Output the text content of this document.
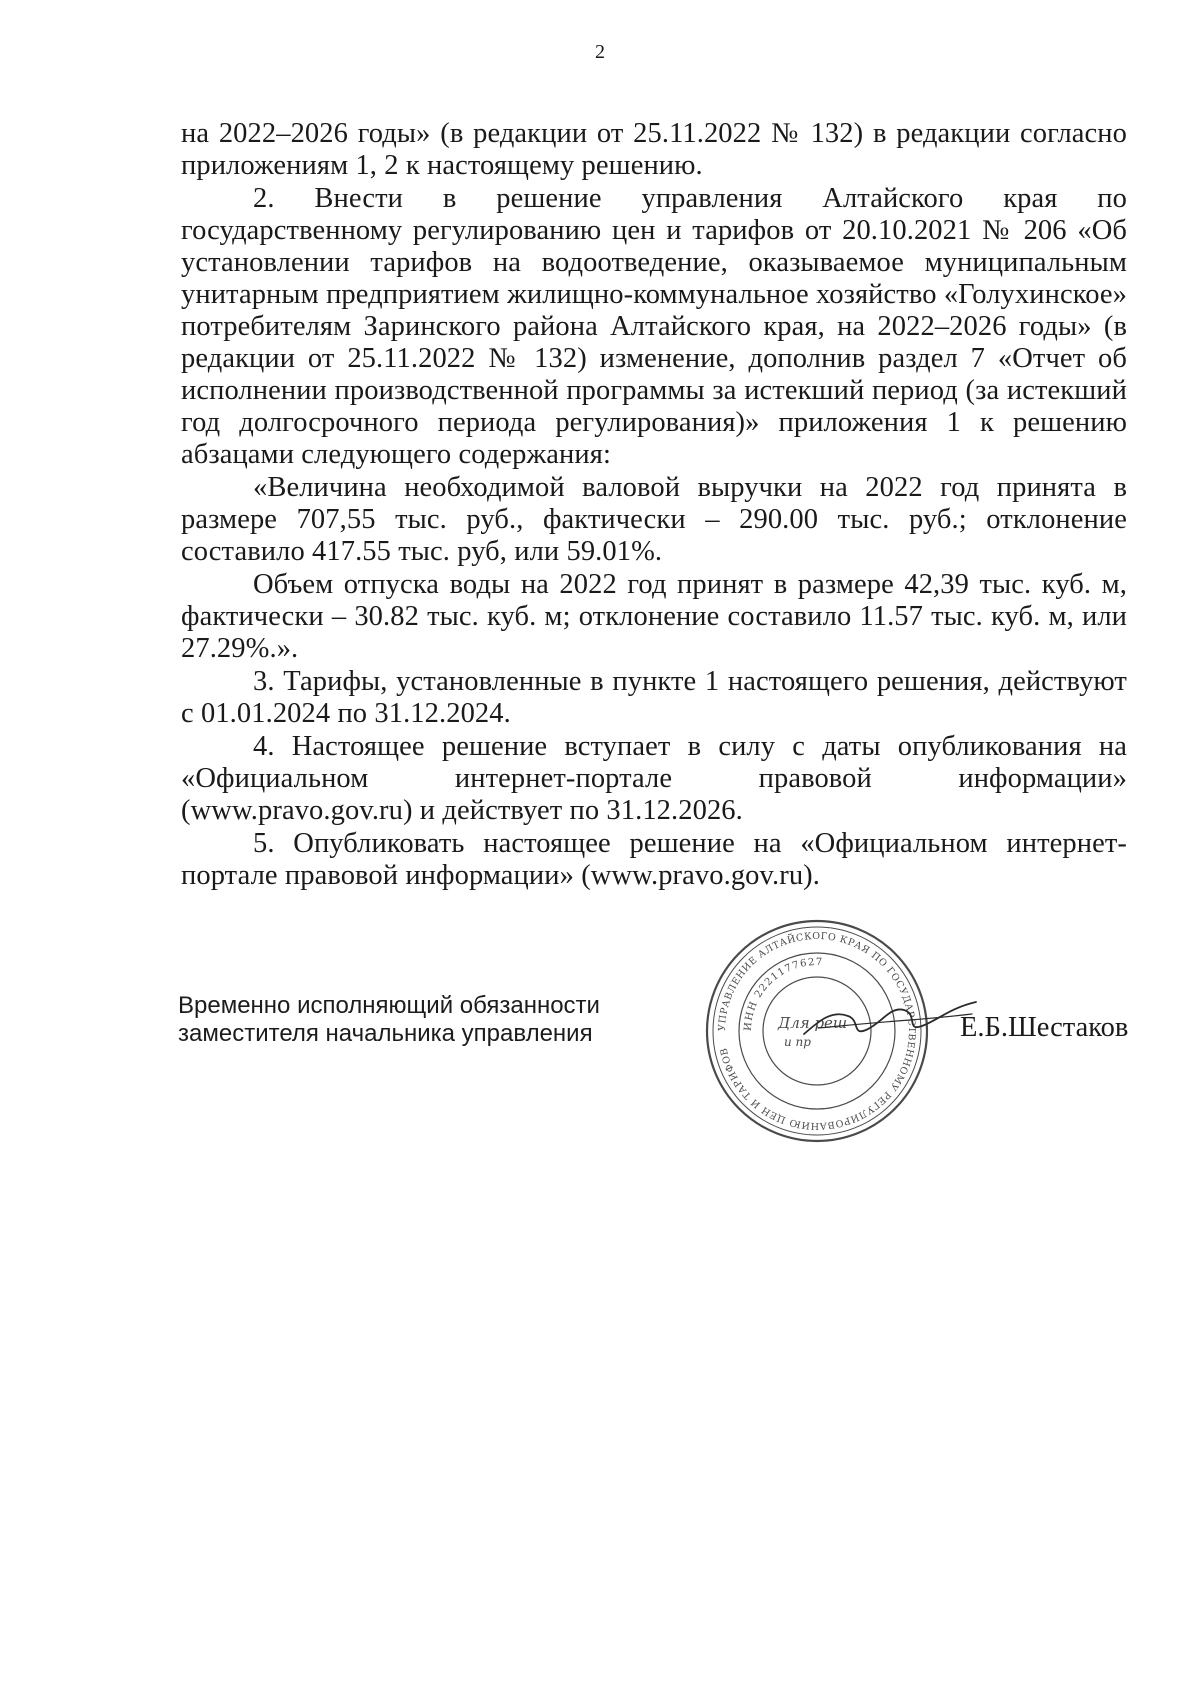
2

на 2022–2026 годы» (в редакции от 25.11.2022 № 132) в редакции согласно приложениям 1, 2 к настоящему решению.

2. Внести в решение управления Алтайского края по государственному регулированию цен и тарифов от 20.10.2021 № 206 «Об установлении тарифов на водоотведение, оказываемое муниципальным унитарным предприятием жилищно-коммунальное хозяйство «Голухинское» потребителям Заринского района Алтайского края, на 2022–2026 годы» (в редакции от 25.11.2022 № 132) изменение, дополнив раздел 7 «Отчет об исполнении производственной программы за истекший период (за истекший год долгосрочного периода регулирования)» приложения 1 к решению абзацами следующего содержания:

«Величина необходимой валовой выручки на 2022 год принята в размере 707,55 тыс. руб., фактически – 290.00 тыс. руб.; отклонение составило 417.55 тыс. руб, или 59.01%.

Объем отпуска воды на 2022 год принят в размере 42,39 тыс. куб. м, фактически – 30.82 тыс. куб. м; отклонение составило 11.57 тыс. куб. м, или 27.29%.».

3. Тарифы, установленные в пункте 1 настоящего решения, действуют с 01.01.2024 по 31.12.2024.

4. Настоящее решение вступает в силу с даты опубликования на «Официальном интернет-портале правовой информации» (www.pravo.gov.ru) и действует по 31.12.2026.

5. Опубликовать настоящее решение на «Официальном интернет-портале правовой информации» (www.pravo.gov.ru).

Временно исполняющий обязанности
заместителя начальника управления	УПРАВЛЕНИЕ АЛТАЙСКОГО КРАЯ ПО ГОСУДАРСТВЕННОМУ РЕГУЛИРОВАНИЮ ЦЕН И ТАРИФОВ
ИНН 2221177627
Для реш
и пр	Е.Б.Шестаков
